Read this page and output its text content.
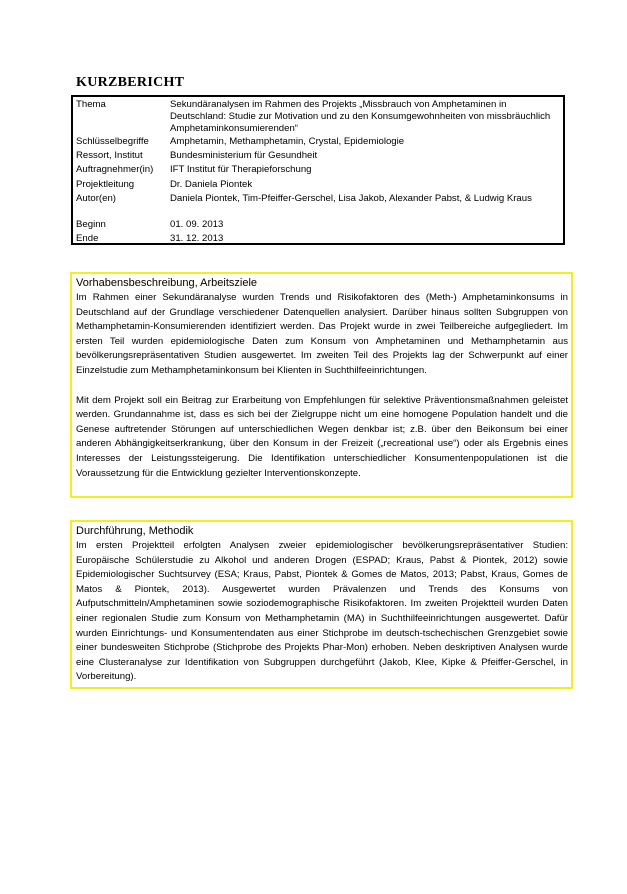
KURZBERICHT
Thema	Sekundäranalysen im Rahmen des Projekts „Missbrauch von Amphetaminen in Deutschland: Studie zur Motivation und zu den Konsumgewohnheiten von missbräuchlich Amphetaminkonsumierenden“
Schlüsselbegriffe	Amphetamin, Methamphetamin, Crystal, Epidemiologie
Ressort, Institut	Bundesministerium für Gesundheit
Auftragnehmer(in)	IFT Institut für Therapieforschung
Projektleitung	Dr. Daniela Piontek
Autor(en)	Daniela Piontek, Tim-Pfeiffer-Gerschel, Lisa Jakob, Alexander Pabst, & Ludwig Kraus
Beginn	01. 09. 2013
Ende	31. 12. 2013
Vorhabensbeschreibung, Arbeitsziele

Im Rahmen einer Sekundäranalyse wurden Trends und Risikofaktoren des (Meth-) Amphetaminkonsums in Deutschland auf der Grundlage verschiedener Datenquellen analysiert. Darüber hinaus sollten Subgruppen von Methamphetamin-Konsumierenden identifiziert werden. Das Projekt wurde in zwei Teilbereiche aufgegliedert. Im ersten Teil wurden epidemiologische Daten zum Konsum von Amphetaminen und Methamphetamin aus bevölkerungsrepräsentativen Studien ausgewertet. Im zweiten Teil des Projekts lag der Schwerpunkt auf einer Einzelstudie zum Methamphetaminkonsum bei Klienten in Suchthilfeeinrichtungen.

Mit dem Projekt soll ein Beitrag zur Erarbeitung von Empfehlungen für selektive Präventionsmaßnahmen geleistet werden. Grundannahme ist, dass es sich bei der Zielgruppe nicht um eine homogene Population handelt und die Genese auftretender Störungen auf unterschiedlichen Wegen denkbar ist; z.B. über den Beikonsum bei einer anderen Abhängigkeitserkrankung, über den Konsum in der Freizeit („recreational use“) oder als Ergebnis eines Interesses der Leistungssteigerung. Die Identifikation unterschiedlicher Konsumentenpopulationen ist die Voraussetzung für die Entwicklung gezielter Interventionskonzepte.

Durchführung, Methodik

Im ersten Projektteil erfolgten Analysen zweier epidemiologischer bevölkerungsrepräsentativer Studien: Europäische Schülerstudie zu Alkohol und anderen Drogen (ESPAD; Kraus, Pabst & Piontek, 2012) sowie Epidemiologischer Suchtsurvey (ESA; Kraus, Pabst, Piontek & Gomes de Matos, 2013; Pabst, Kraus, Gomes de Matos & Piontek, 2013). Ausgewertet wurden Prävalenzen und Trends des Konsums von Aufputschmitteln/Amphetaminen sowie soziodemographische Risikofaktoren. Im zweiten Projektteil wurden Daten einer regionalen Studie zum Konsum von Methamphetamin (MA) in Suchthilfeeinrichtungen ausgewertet. Dafür wurden Einrichtungs- und Konsumentendaten aus einer Stichprobe im deutsch-tschechischen Grenzgebiet sowie einer bundesweiten Stichprobe (Stichprobe des Projekts Phar-Mon) erhoben. Neben deskriptiven Analysen wurde eine Clusteranalyse zur Identifikation von Subgruppen durchgeführt (Jakob, Klee, Kipke & Pfeiffer-Gerschel, in Vorbereitung).
